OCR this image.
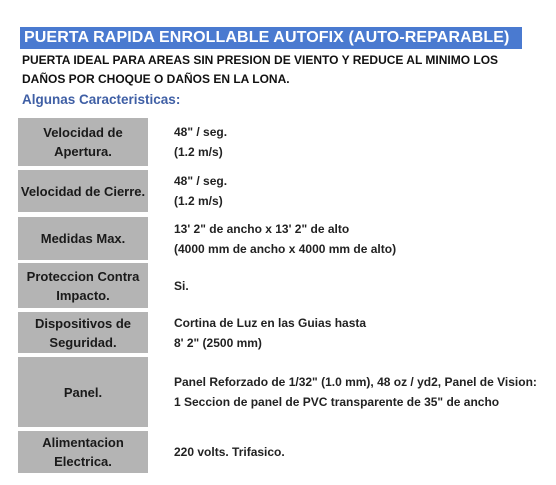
PUERTA RAPIDA ENROLLABLE AUTOFIX (AUTO-REPARABLE)
PUERTA IDEAL PARA AREAS SIN PRESION DE VIENTO Y REDUCE AL MINIMO LOS DAÑOS POR CHOQUE O DAÑOS EN LA LONA.
Algunas Caracteristicas:
Velocidad de Apertura.
48" / seg.
(1.2 m/s)
Velocidad de Cierre.
48" / seg.
(1.2 m/s)
Medidas Max.
13' 2" de ancho x 13' 2" de alto
(4000 mm de ancho x 4000 mm de alto)
Proteccion Contra Impacto.
Si.
Dispositivos de Seguridad.
Cortina de Luz en las Guias hasta
8' 2" (2500 mm)
Panel.
Panel Reforzado de 1/32" (1.0 mm), 48 oz / yd2, Panel de Vision: 1 Seccion de panel de PVC transparente de 35" de ancho
Alimentacion Electrica.
220 volts. Trifasico.
